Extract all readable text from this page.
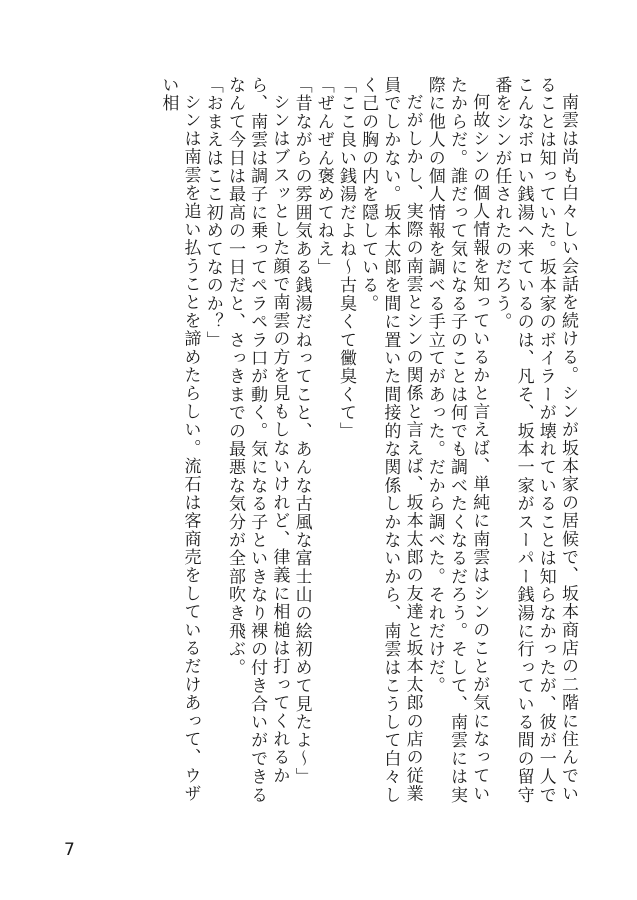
南雲は尚も白々しい会話を続ける。シンが坂本家の居候で、坂本商店の二階に住んでいることは知っていた。坂本家のボイラーが壊れていることは知らなかったが、彼が一人でこんなボロい銭湯へ来ているのは、凡そ、坂本一家がスーパー銭湯に行っている間の留守番をシンが任されたのだろう。

何故シンの個人情報を知っているかと言えば、単純に南雲はシンのことが気になっていたからだ。誰だって気になる子のことは何でも調べたくなるだろう。そして、南雲には実際に他人の個人情報を調べる手立てがあった。だから調べた。それだけだ。

だがしかし、実際の南雲とシンの関係と言えば、坂本太郎の友達と坂本太郎の店の従業員でしかない。坂本太郎を間に置いた間接的な関係しかないから、南雲はこうして白々しく己の胸の内を隠している。

「ここ良い銭湯だよね〜古臭くて黴臭くて」

「ぜんぜん褒めてねえ」

「昔ながらの雰囲気ある銭湯だねってこと、あんな古風な富士山の絵初めて見たよ〜」

シンはブスッとした顔で南雲の方を見もしないけれど、律義に相槌は打ってくれるから、南雲は調子に乗ってペラペラ口が動く。気になる子といきなり裸の付き合いができるなんて今日は最高の一日だと、さっきまでの最悪な気分が全部吹き飛ぶ。

「おまえはここ初めてなのか？」

シンは南雲を追い払うことを諦めたらしい。流石は客商売をしているだけあって、ウザい相

7
